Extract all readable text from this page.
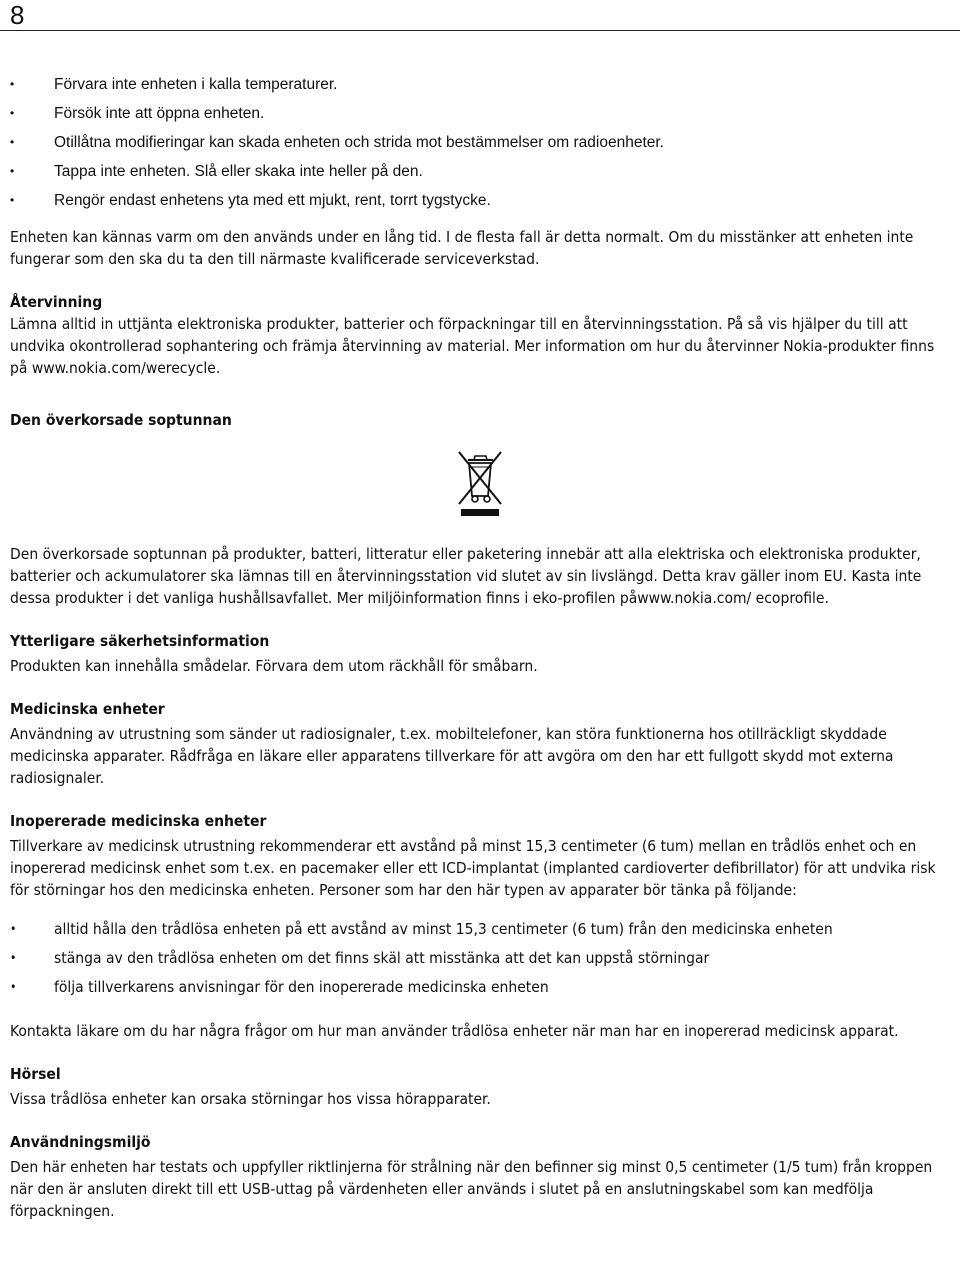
8
• Förvara inte enheten i kalla temperaturer.
• Försök inte att öppna enheten.
• Otillåtna modifieringar kan skada enheten och strida mot bestämmelser om radioenheter.
• Tappa inte enheten. Slå eller skaka inte heller på den.
• Rengör endast enhetens yta med ett mjukt, rent, torrt tygstycke.

Enheten kan kännas varm om den används under en lång tid. I de flesta fall är detta normalt. Om du misstänker att enheten inte fungerar som den ska du ta den till närmaste kvalificerade serviceverkstad.

Återvinning

Lämna alltid in uttjänta elektroniska produkter, batterier och förpackningar till en återvinningsstation. På så vis hjälper du till att undvika okontrollerad sophantering och främja återvinning av material. Mer information om hur du återvinner Nokia-produkter finns på www.nokia.com/werecycle.

Den överkorsade soptunnan

Den överkorsade soptunnan på produkter, batteri, litteratur eller paketering innebär att alla elektriska och elektroniska produkter, batterier och ackumulatorer ska lämnas till en återvinningsstation vid slutet av sin livslängd. Detta krav gäller inom EU. Kasta inte dessa produkter i det vanliga hushållsavfallet. Mer miljöinformation finns i eko-profilen påwww.nokia.com/ ecoprofile.

Ytterligare säkerhetsinformation

Produkten kan innehålla smådelar. Förvara dem utom räckhåll för småbarn.

Medicinska enheter

Användning av utrustning som sänder ut radiosignaler, t.ex. mobiltelefoner, kan störa funktionerna hos otillräckligt skyddade medicinska apparater. Rådfråga en läkare eller apparatens tillverkare för att avgöra om den har ett fullgott skydd mot externa radiosignaler.

Inopererade medicinska enheter

Tillverkare av medicinsk utrustning rekommenderar ett avstånd på minst 15,3 centimeter (6 tum) mellan en trådlös enhet och en inopererad medicinsk enhet som t.ex. en pacemaker eller ett ICD-implantat (implanted cardioverter defibrillator) för att undvika risk för störningar hos den medicinska enheten. Personer som har den här typen av apparater bör tänka på följande:

• alltid hålla den trådlösa enheten på ett avstånd av minst 15,3 centimeter (6 tum) från den medicinska enheten
• stänga av den trådlösa enheten om det finns skäl att misstänka att det kan uppstå störningar
• följa tillverkarens anvisningar för den inopererade medicinska enheten

Kontakta läkare om du har några frågor om hur man använder trådlösa enheter när man har en inopererad medicinsk apparat.

Hörsel

Vissa trådlösa enheter kan orsaka störningar hos vissa hörapparater.

Användningsmiljö

Den här enheten har testats och uppfyller riktlinjerna för strålning när den befinner sig minst 0,5 centimeter (1/5 tum) från kroppen när den är ansluten direkt till ett USB-uttag på värdenheten eller används i slutet på en anslutningskabel som kan medfölja förpackningen.
